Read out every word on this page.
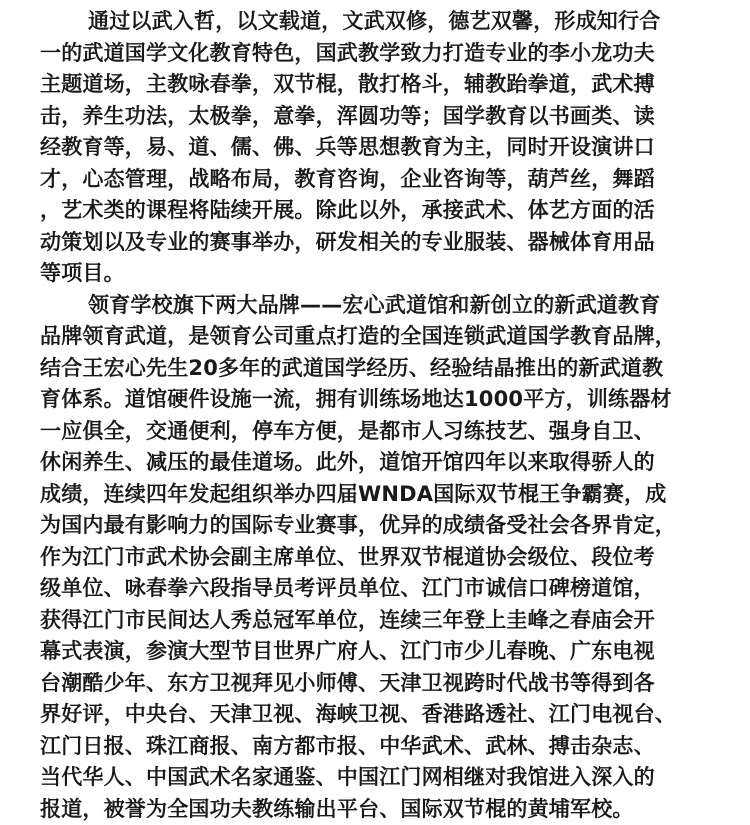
通过以武入哲，以文载道，文武双修，德艺双馨，形成知行合
一的武道国学文化教育特色，国武教学致力打造专业的李小龙功夫
主题道场，主教咏春拳，双节棍，散打格斗，辅教跆拳道，武术搏
击，养生功法，太极拳，意拳，浑圆功等；国学教育以书画类、读
经教育等，易、道、儒、佛、兵等思想教育为主，同时开设演讲口
才，心态管理，战略布局，教育咨询，企业咨询等，葫芦丝，舞蹈
，艺术类的课程将陆续开展。除此以外，承接武术、体艺方面的活
动策划以及专业的赛事举办，研发相关的专业服装、器械体育用品
等项目。
领育学校旗下两大品牌——宏心武道馆和新创立的新武道教育
品牌领育武道，是领育公司重点打造的全国连锁武道国学教育品牌，
结合王宏心先生20多年的武道国学经历、经验结晶推出的新武道教
育体系。道馆硬件设施一流，拥有训练场地达1000平方，训练器材
一应俱全，交通便利，停车方便，是都市人习练技艺、强身自卫、
休闲养生、减压的最佳道场。此外，道馆开馆四年以来取得骄人的
成绩，连续四年发起组织举办四届WNDA国际双节棍王争霸赛，成
为国内最有影响力的国际专业赛事，优异的成绩备受社会各界肯定，
作为江门市武术协会副主席单位、世界双节棍道协会级位、段位考
级单位、咏春拳六段指导员考评员单位、江门市诚信口碑榜道馆，
获得江门市民间达人秀总冠军单位，连续三年登上圭峰之春庙会开
幕式表演，参演大型节目世界广府人、江门市少儿春晚、广东电视
台潮酷少年、东方卫视拜见小师傅、天津卫视跨时代战书等得到各
界好评，中央台、天津卫视、海峡卫视、香港路透社、江门电视台、
江门日报、珠江商报、南方都市报、中华武术、武林、搏击杂志、
当代华人、中国武术名家通鉴、中国江门网相继对我馆进入深入的
报道，被誉为全国功夫教练输出平台、国际双节棍的黄埔军校。
